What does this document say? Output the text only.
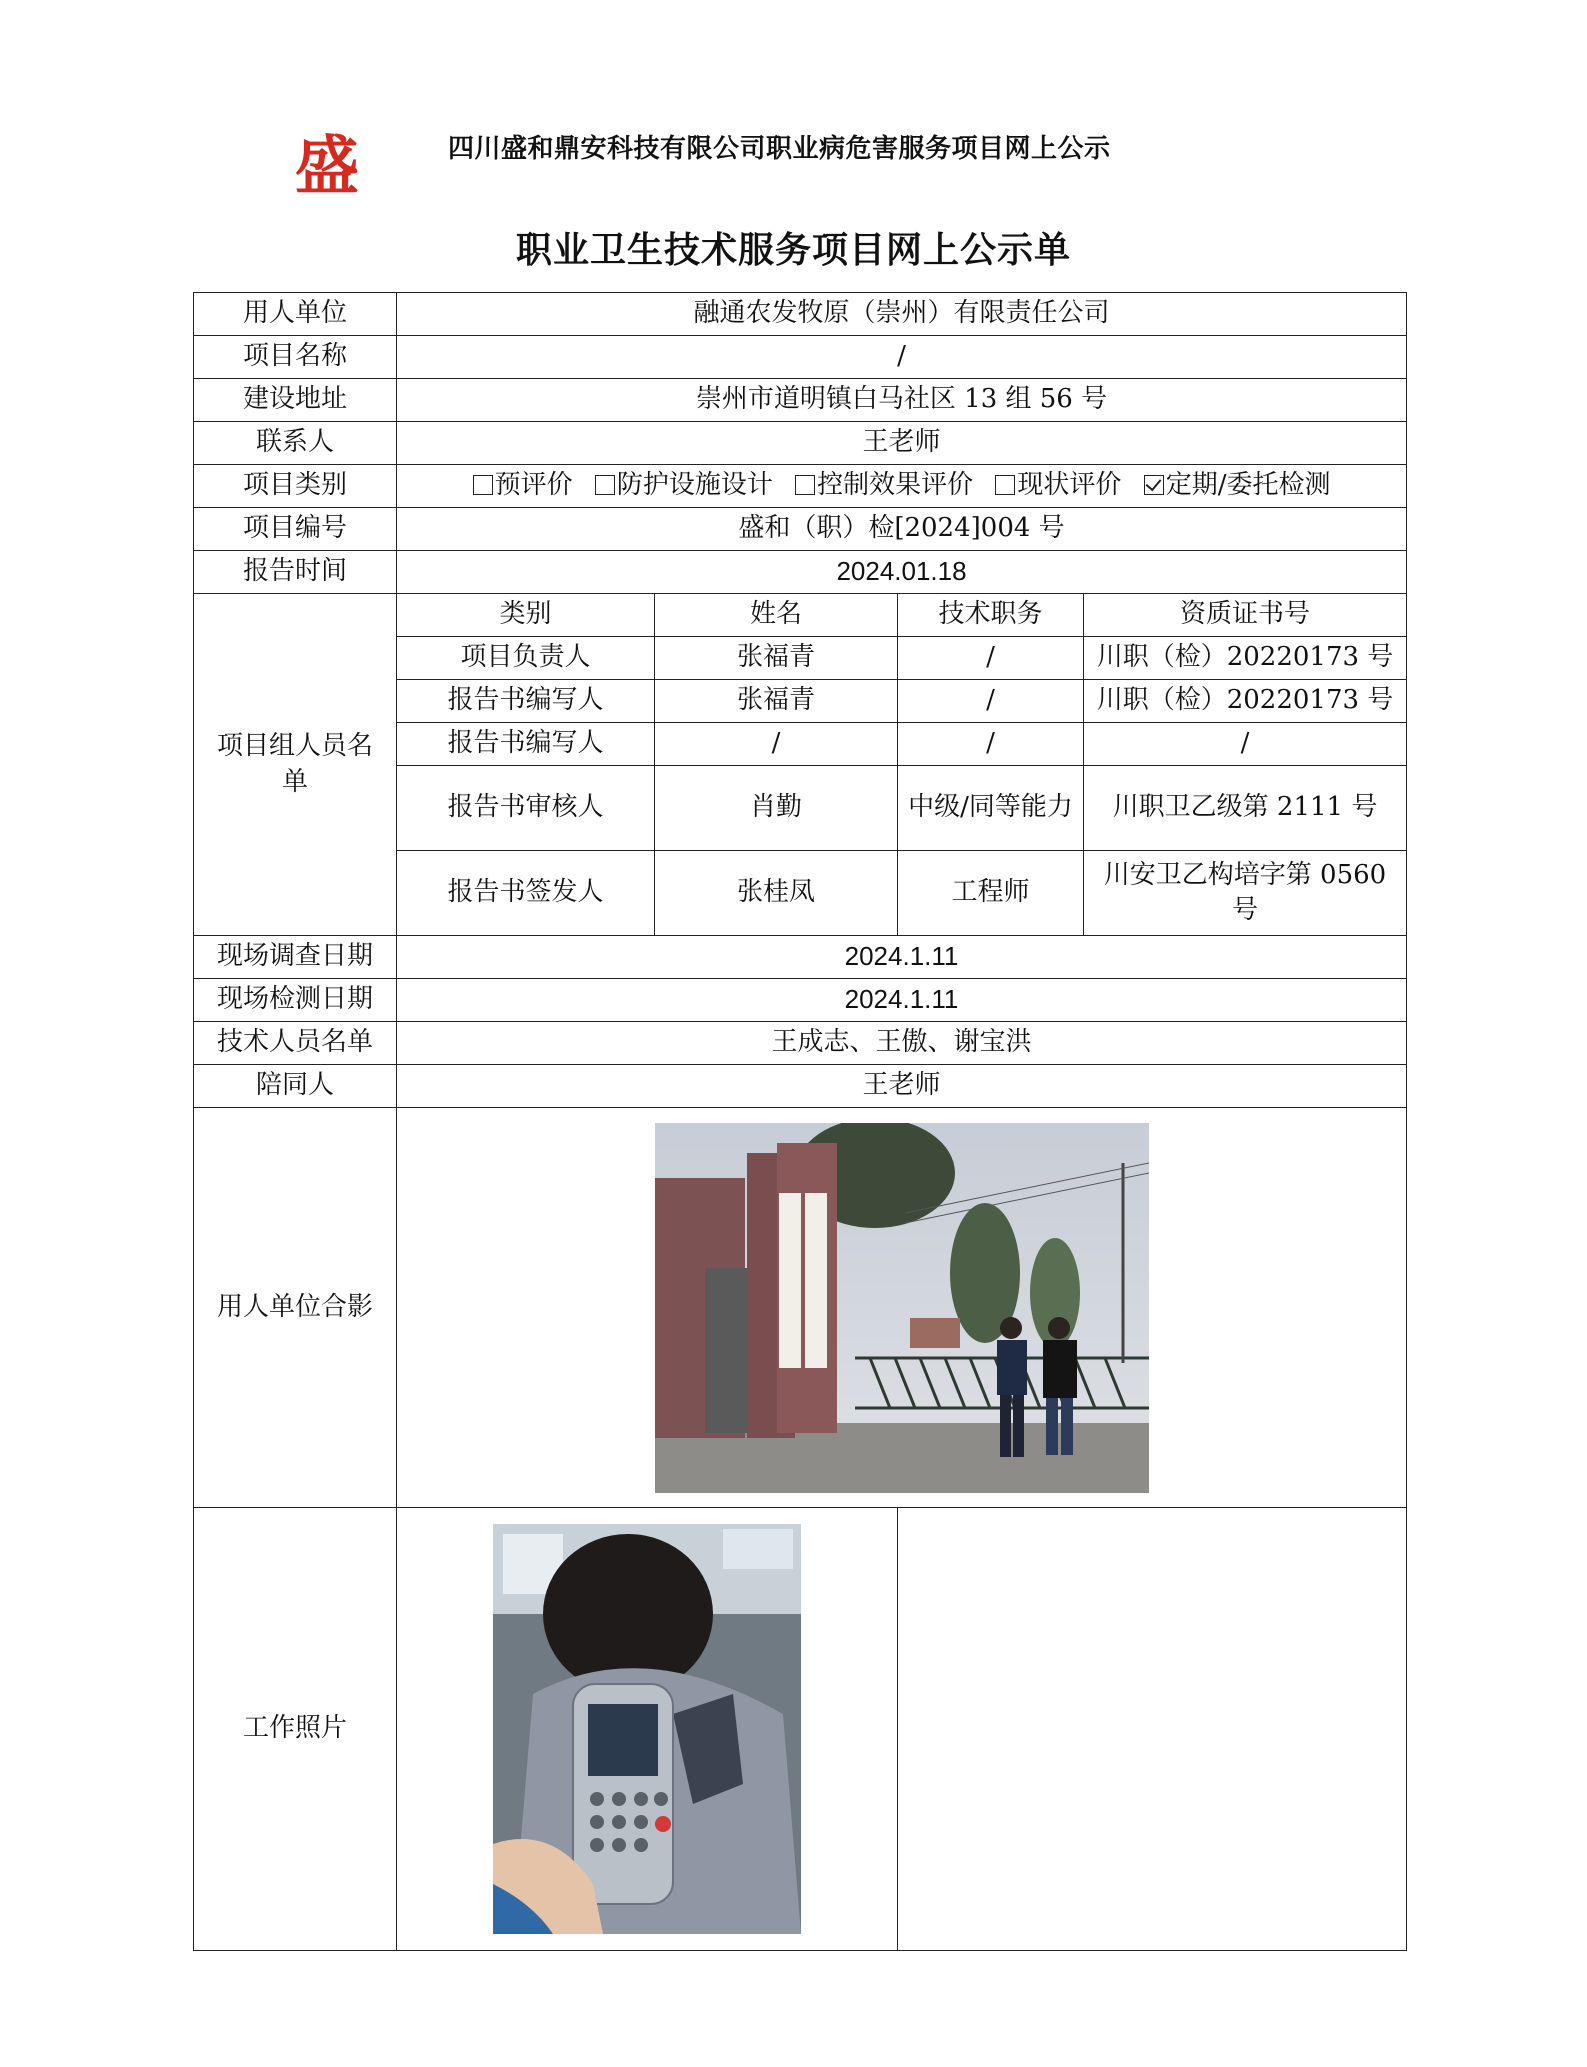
盛	四川盛和鼎安科技有限公司职业病危害服务项目网上公示
职业卫生技术服务项目网上公示单
用人单位	融通农发牧原（崇州）有限责任公司			
项目名称	/			
建设地址	崇州市道明镇白马社区 13 组 56 号			
联系人	王老师			
项目类别	预评价 防护设施设计 控制效果评价 现状评价 定期/委托检测			
项目编号	盛和（职）检[2024]004 号			
报告时间	2024.01.18			
项目组人员名单	类别	姓名	技术职务	资质证书号
	项目负责人	张福青	/	川职（检）20220173 号
	报告书编写人	张福青	/	川职（检）20220173 号
	报告书编写人	/	/	/
	报告书审核人	肖勤	中级/同等能力	川职卫乙级第 2111 号
	报告书签发人	张桂凤	工程师	川安卫乙构培字第 0560 号
现场调查日期	2024.1.11			
现场检测日期	2024.1.11			
技术人员名单	王成志、王傲、谢宝洪			
陪同人	王老师			
用人单位合影	

工作照片	
